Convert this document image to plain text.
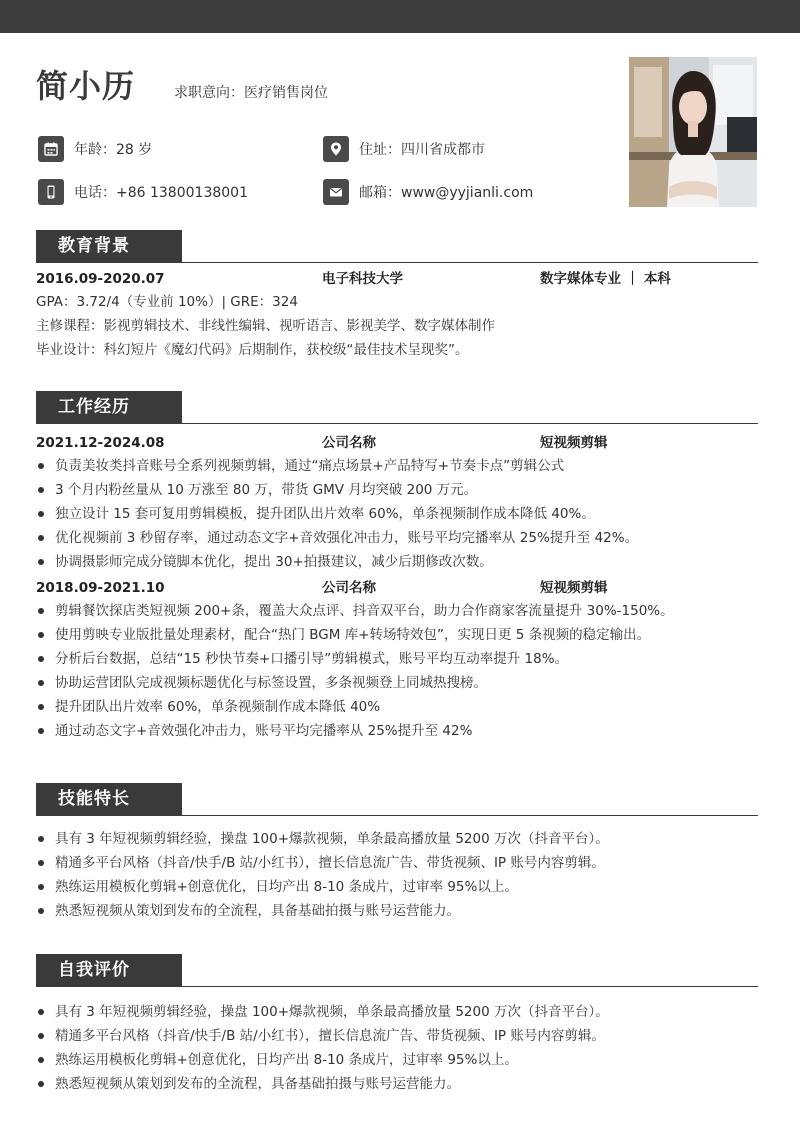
简小历	求职意向：医疗销售岗位
年龄：28 岁	住址：四川省成都市
电话：+86 13800138001	邮箱：www@yyjianli.com
教育背景
2016.09-2020.07	电子科技大学	数字媒体专业 ｜ 本科
GPA：3.72/4（专业前 10%）| GRE：324
主修课程：影视剪辑技术、非线性编辑、视听语言、影视美学、数字媒体制作
毕业设计：科幻短片《魔幻代码》后期制作，获校级“最佳技术呈现奖”。
工作经历
2021.12-2024.08	公司名称	短视频剪辑
负责美妆类抖音账号全系列视频剪辑，通过“痛点场景+产品特写+节奏卡点”剪辑公式
3 个月内粉丝量从 10 万涨至 80 万，带货 GMV 月均突破 200 万元。
独立设计 15 套可复用剪辑模板，提升团队出片效率 60%，单条视频制作成本降低 40%。
优化视频前 3 秒留存率，通过动态文字+音效强化冲击力，账号平均完播率从 25%提升至 42%。
协调摄影师完成分镜脚本优化，提出 30+拍摄建议，减少后期修改次数。
2018.09-2021.10	公司名称	短视频剪辑
剪辑餐饮探店类短视频 200+条，覆盖大众点评、抖音双平台，助力合作商家客流量提升 30%-150%。
使用剪映专业版批量处理素材，配合“热门 BGM 库+转场特效包”，实现日更 5 条视频的稳定输出。
分析后台数据，总结“15 秒快节奏+口播引导”剪辑模式，账号平均互动率提升 18%。
协助运营团队完成视频标题优化与标签设置，多条视频登上同城热搜榜。
提升团队出片效率 60%，单条视频制作成本降低 40%
通过动态文字+音效强化冲击力，账号平均完播率从 25%提升至 42%
技能特长
具有 3 年短视频剪辑经验，操盘 100+爆款视频，单条最高播放量 5200 万次（抖音平台）。
精通多平台风格（抖音/快手/B 站/小红书），擅长信息流广告、带货视频、IP 账号内容剪辑。
熟练运用模板化剪辑+创意优化，日均产出 8-10 条成片，过审率 95%以上。
熟悉短视频从策划到发布的全流程，具备基础拍摄与账号运营能力。
自我评价
具有 3 年短视频剪辑经验，操盘 100+爆款视频，单条最高播放量 5200 万次（抖音平台）。
精通多平台风格（抖音/快手/B 站/小红书），擅长信息流广告、带货视频、IP 账号内容剪辑。
熟练运用模板化剪辑+创意优化，日均产出 8-10 条成片，过审率 95%以上。
熟悉短视频从策划到发布的全流程，具备基础拍摄与账号运营能力。
